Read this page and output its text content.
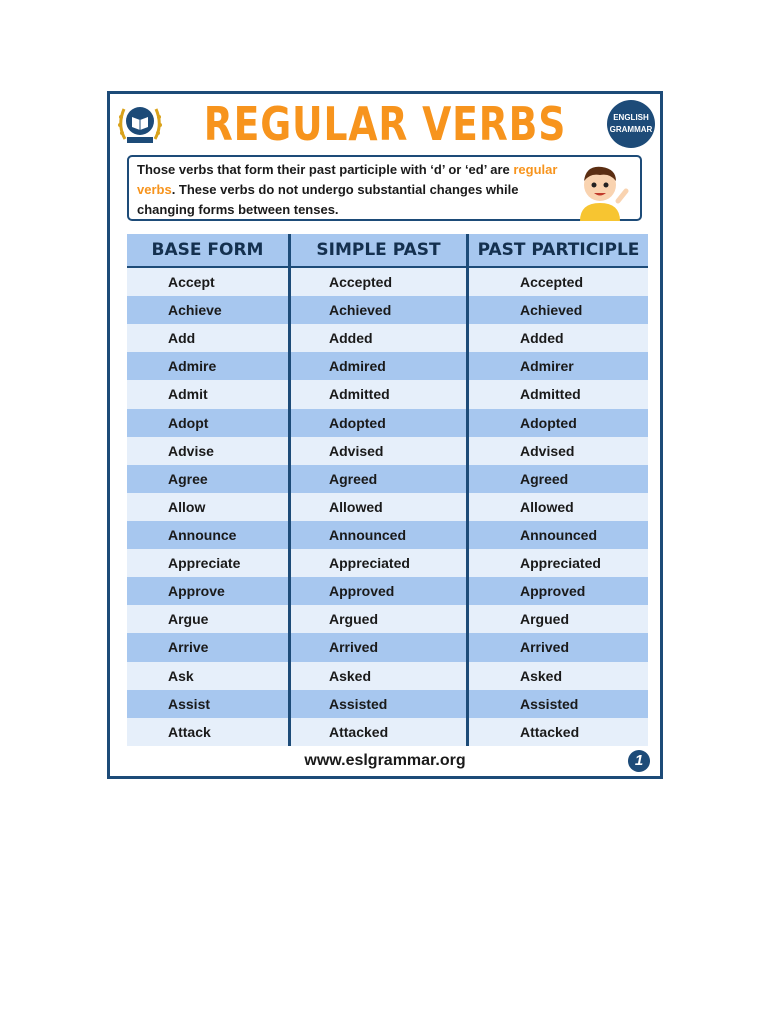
REGULAR VERBS	ENGLISH
GRAMMAR
Those verbs that form their past participle with ‘d’ or ‘ed’ are regular verbs. These verbs do not undergo substantial changes while changing forms between tenses.
BASE FORM	SIMPLE PAST	PAST PARTICIPLE
Accept	Accepted	Accepted
Achieve	Achieved	Achieved
Add	Added	Added
Admire	Admired	Admirer
Admit	Admitted	Admitted
Adopt	Adopted	Adopted
Advise	Advised	Advised
Agree	Agreed	Agreed
Allow	Allowed	Allowed
Announce	Announced	Announced
Appreciate	Appreciated	Appreciated
Approve	Approved	Approved
Argue	Argued	Argued
Arrive	Arrived	Arrived
Ask	Asked	Asked
Assist	Assisted	Assisted
Attack	Attacked	Attacked
www.eslgrammar.org	1
